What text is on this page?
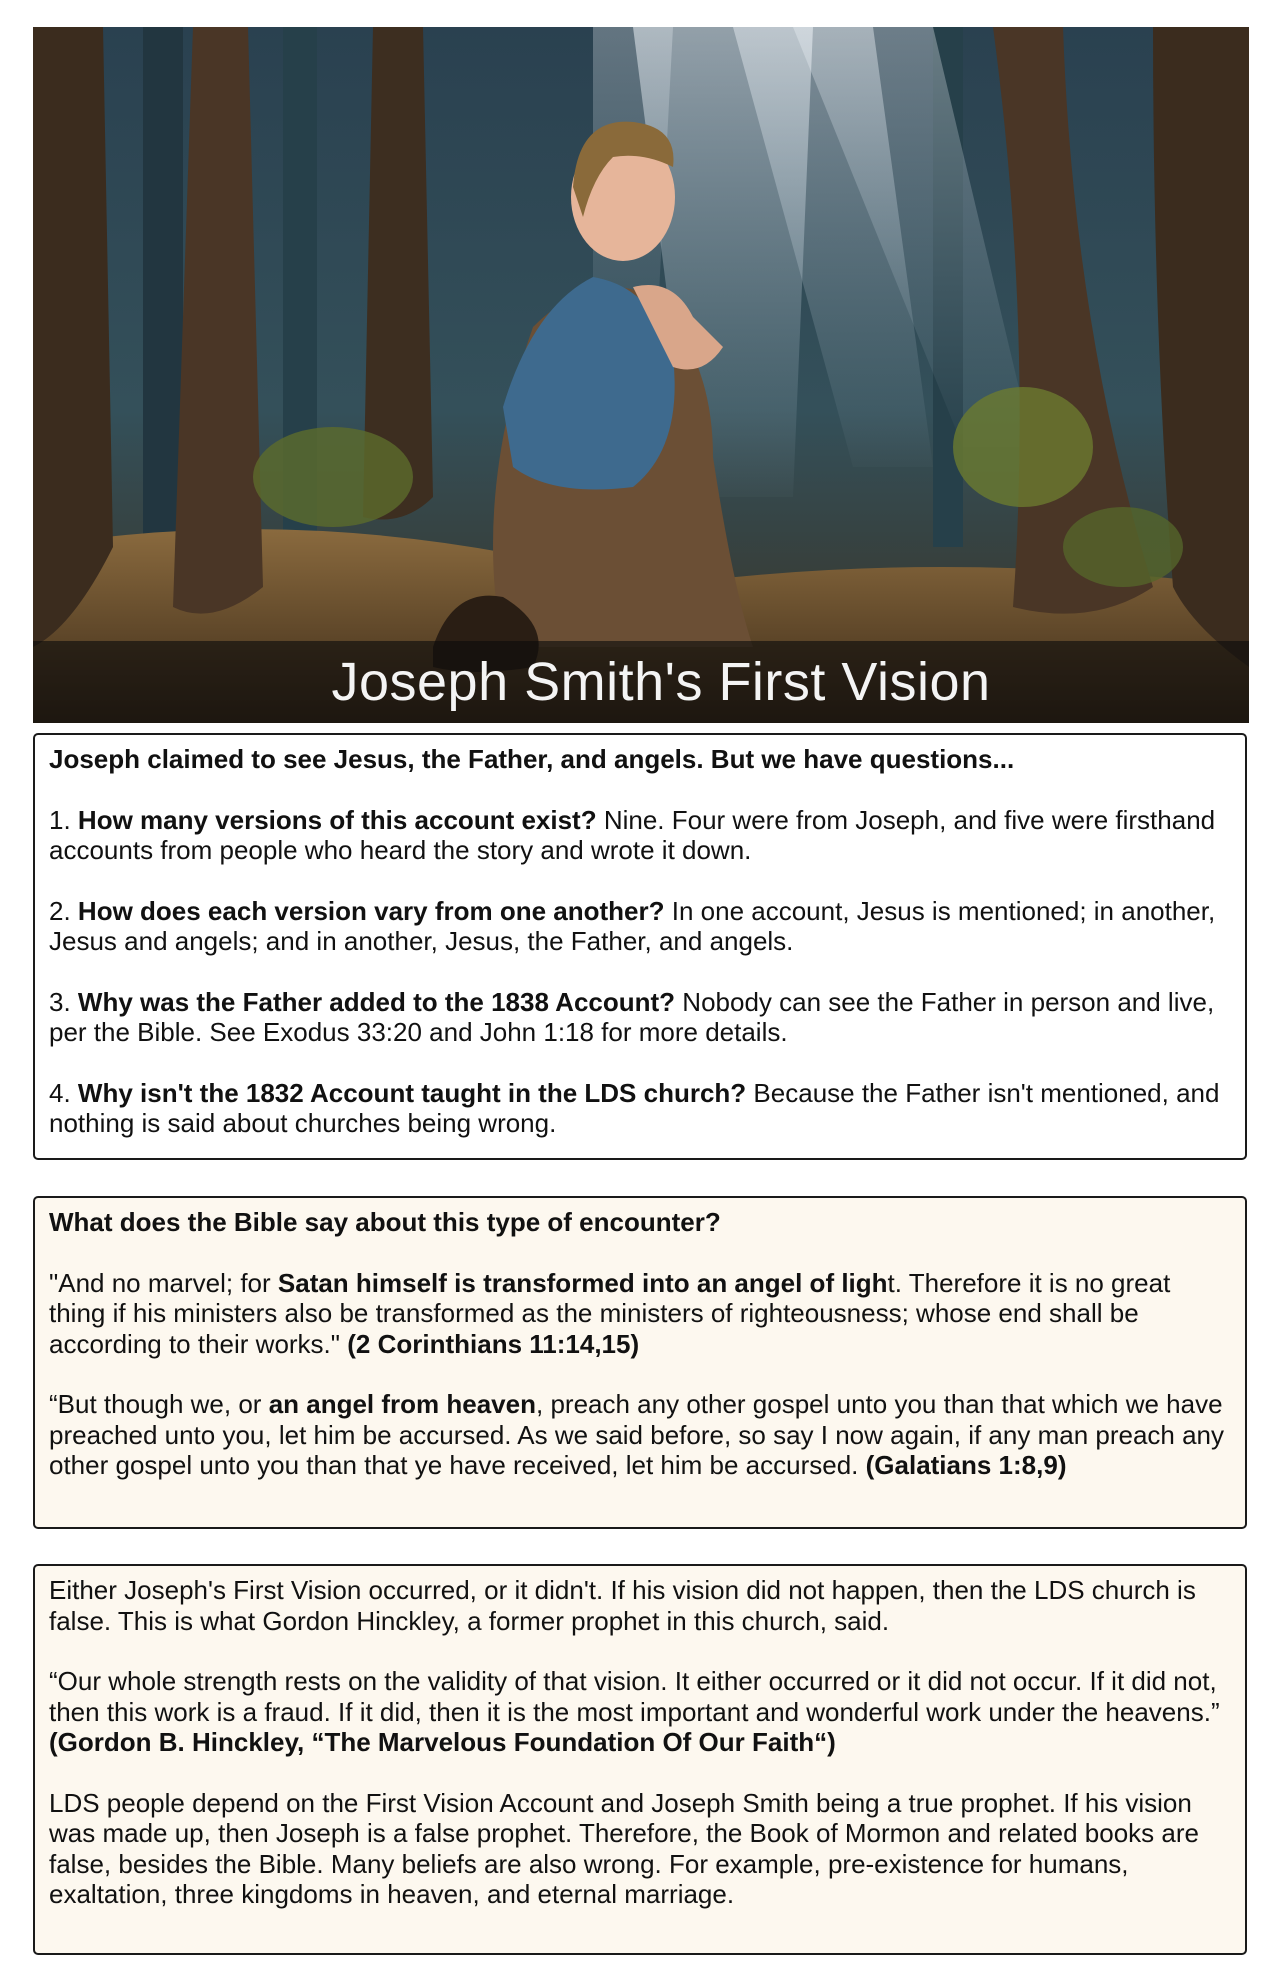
Joseph Smith's First Vision

Joseph claimed to see Jesus, the Father, and angels. But we have questions...

1. How many versions of this account exist? Nine. Four were from Joseph, and five were firsthand accounts from people who heard the story and wrote it down.

2. How does each version vary from one another? In one account, Jesus is mentioned; in another, Jesus and angels; and in another, Jesus, the Father, and angels.

3. Why was the Father added to the 1838 Account? Nobody can see the Father in person and live, per the Bible. See Exodus 33:20 and John 1:18 for more details.

4. Why isn't the 1832 Account taught in the LDS church? Because the Father isn't mentioned, and nothing is said about churches being wrong.

What does the Bible say about this type of encounter?

"And no marvel; for Satan himself is transformed into an angel of light. Therefore it is no great thing if his ministers also be transformed as the ministers of righteousness; whose end shall be according to their works." (2 Corinthians 11:14,15)

“But though we, or an angel from heaven, preach any other gospel unto you than that which we have preached unto you, let him be accursed. As we said before, so say I now again, if any man preach any other gospel unto you than that ye have received, let him be accursed. (Galatians 1:8,9)

Either Joseph's First Vision occurred, or it didn't. If his vision did not happen, then the LDS church is false. This is what Gordon Hinckley, a former prophet in this church, said.

“Our whole strength rests on the validity of that vision. It either occurred or it did not occur. If it did not, then this work is a fraud. If it did, then it is the most important and wonderful work under the heavens.” (Gordon B. Hinckley, “The Marvelous Foundation Of Our Faith“)

LDS people depend on the First Vision Account and Joseph Smith being a true prophet. If his vision was made up, then Joseph is a false prophet. Therefore, the Book of Mormon and related books are false, besides the Bible. Many beliefs are also wrong. For example, pre-existence for humans, exaltation, three kingdoms in heaven, and eternal marriage.
